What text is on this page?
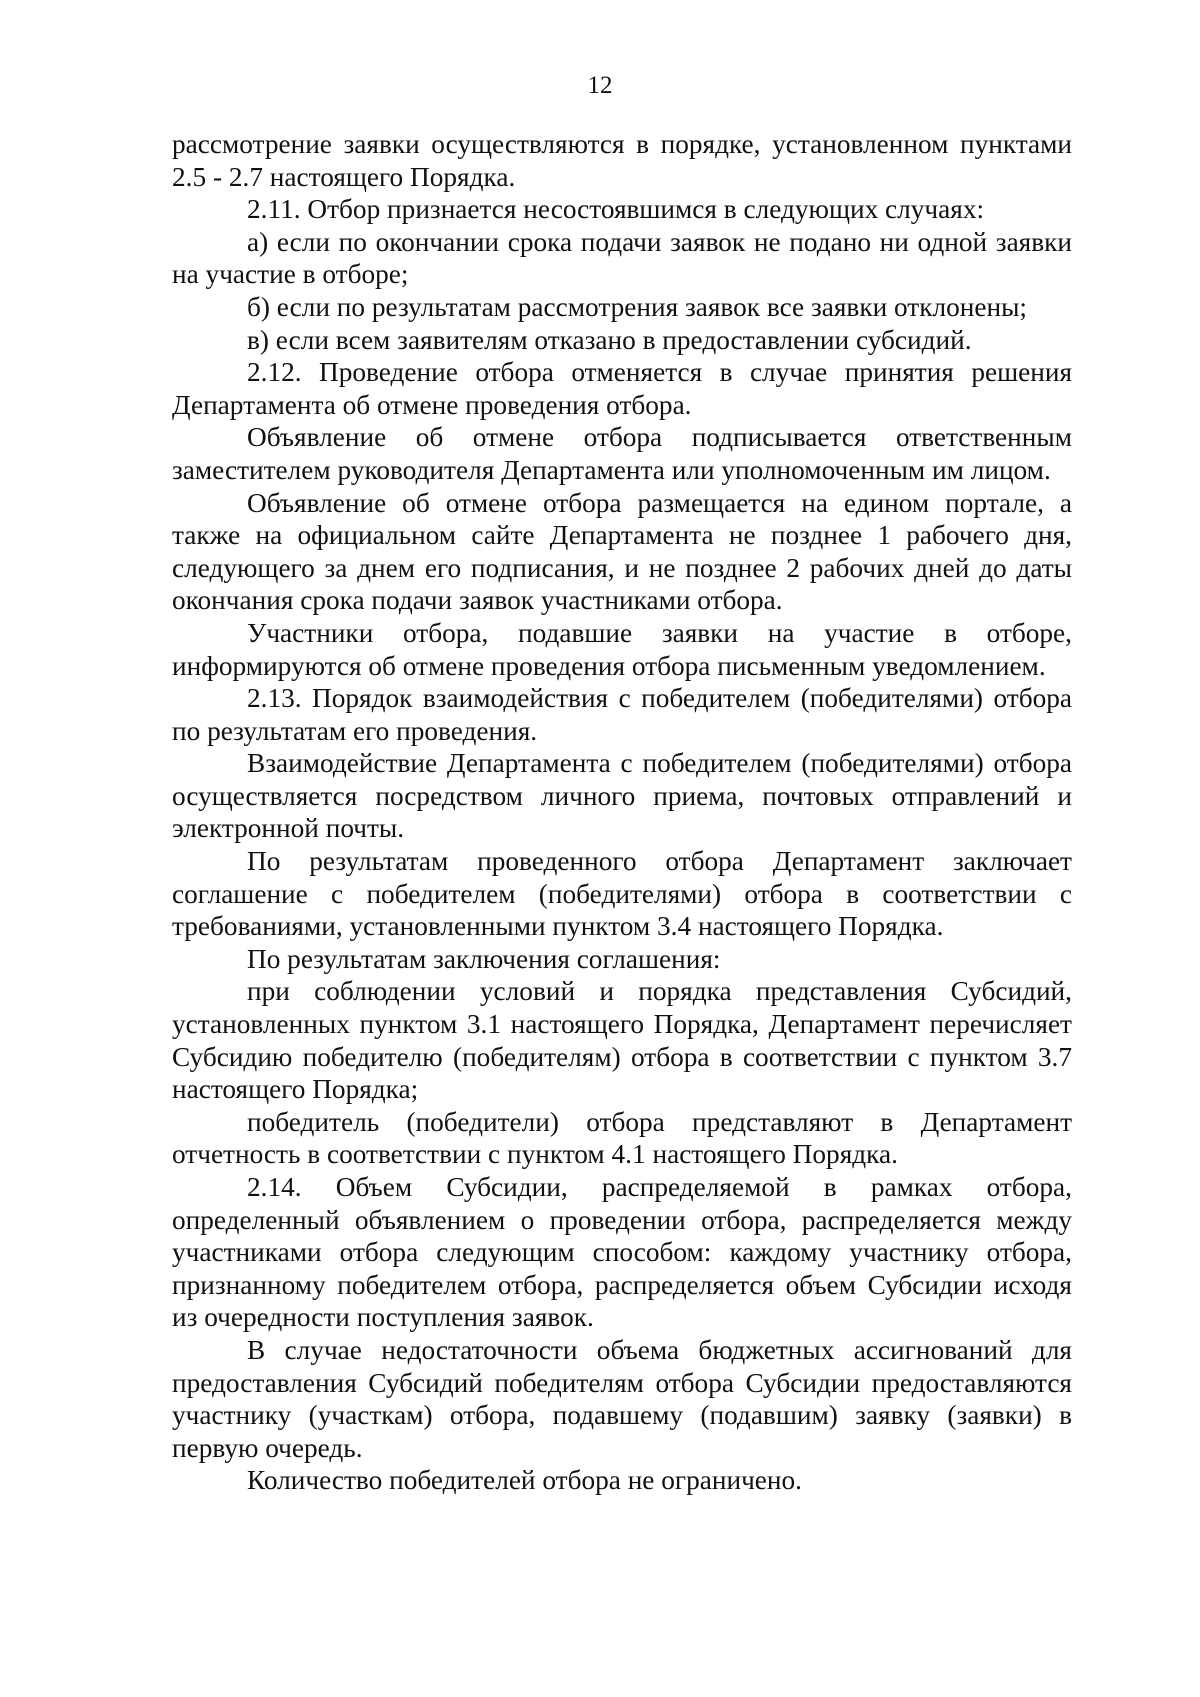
12

рассмотрение заявки осуществляются в порядке, установленном пунктами 2.5 - 2.7 настоящего Порядка.

2.11. Отбор признается несостоявшимся в следующих случаях:

а) если по окончании срока подачи заявок не подано ни одной заявки на участие в отборе;

б) если по результатам рассмотрения заявок все заявки отклонены;

в) если всем заявителям отказано в предоставлении субсидий.

2.12. Проведение отбора отменяется в случае принятия решения Департамента об отмене проведения отбора.

Объявление об отмене отбора подписывается ответственным заместителем руководителя Департамента или уполномоченным им лицом.

Объявление об отмене отбора размещается на едином портале, а также на официальном сайте Департамента не позднее 1 рабочего дня, следующего за днем его подписания, и не позднее 2 рабочих дней до даты окончания срока подачи заявок участниками отбора.

Участники отбора, подавшие заявки на участие в отборе, информируются об отмене проведения отбора письменным уведомлением.

2.13. Порядок взаимодействия с победителем (победителями) отбора по результатам его проведения.

Взаимодействие Департамента с победителем (победителями) отбора осуществляется посредством личного приема, почтовых отправлений и электронной почты.

По результатам проведенного отбора Департамент заключает соглашение с победителем (победителями) отбора в соответствии с требованиями, установленными пунктом 3.4 настоящего Порядка.

По результатам заключения соглашения:

при соблюдении условий и порядка представления Субсидий, установленных пунктом 3.1 настоящего Порядка, Департамент перечисляет Субсидию победителю (победителям) отбора в соответствии с пунктом 3.7 настоящего Порядка;

победитель (победители) отбора представляют в Департамент отчетность в соответствии с пунктом 4.1 настоящего Порядка.

2.14. Объем Субсидии, распределяемой в рамках отбора, определенный объявлением о проведении отбора, распределяется между участниками отбора следующим способом: каждому участнику отбора, признанному победителем отбора, распределяется объем Субсидии исходя из очередности поступления заявок.

В случае недостаточности объема бюджетных ассигнований для предоставления Субсидий победителям отбора Субсидии предоставляются участнику (участкам) отбора, подавшему (подавшим) заявку (заявки) в первую очередь.

Количество победителей отбора не ограничено.
